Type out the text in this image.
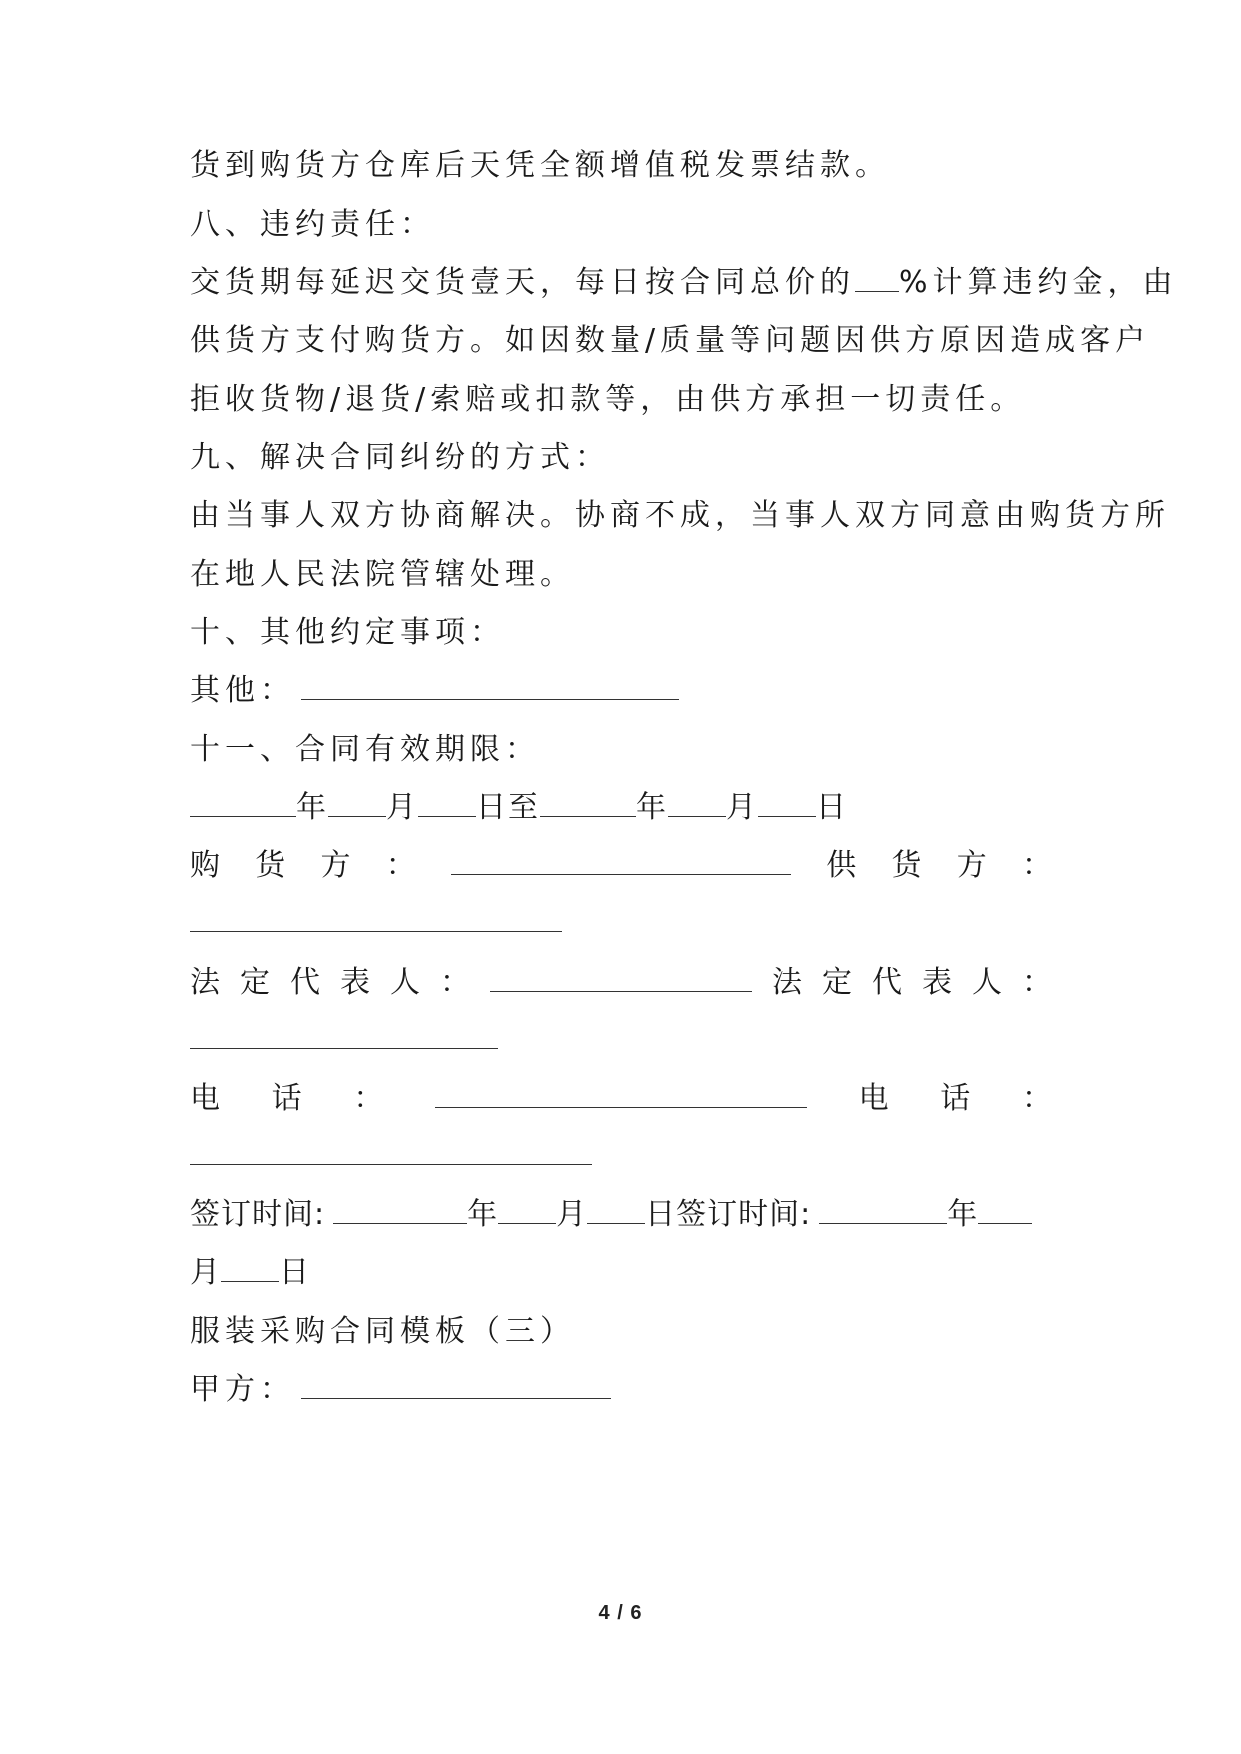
货到购货方仓库后天凭全额增值税发票结款。
八、违约责任：
交货期每延迟交货壹天，每日按合同总价的 %计算违约金，由
供货方支付购货方。如因数量/质量等问题因供方原因造成客户
拒收货物/退货/索赔或扣款等，由供方承担一切责任。
九、解决合同纠纷的方式：
由当事人双方协商解决。协商不成，当事人双方同意由购货方所
在地人民法院管辖处理。
十、其他约定事项：
其他：
十一、合同有效期限：
年 月 日至	年 月 日
购 货 方 ：	供 货 方 ：
法 定 代 表 人 ：	法 定 代 表 人 ：
电 话 ：	电 话 ：
签订时间:	年 月 日签订时间:	年
月 日
服装采购合同模板（三）
甲方：
4 / 6
